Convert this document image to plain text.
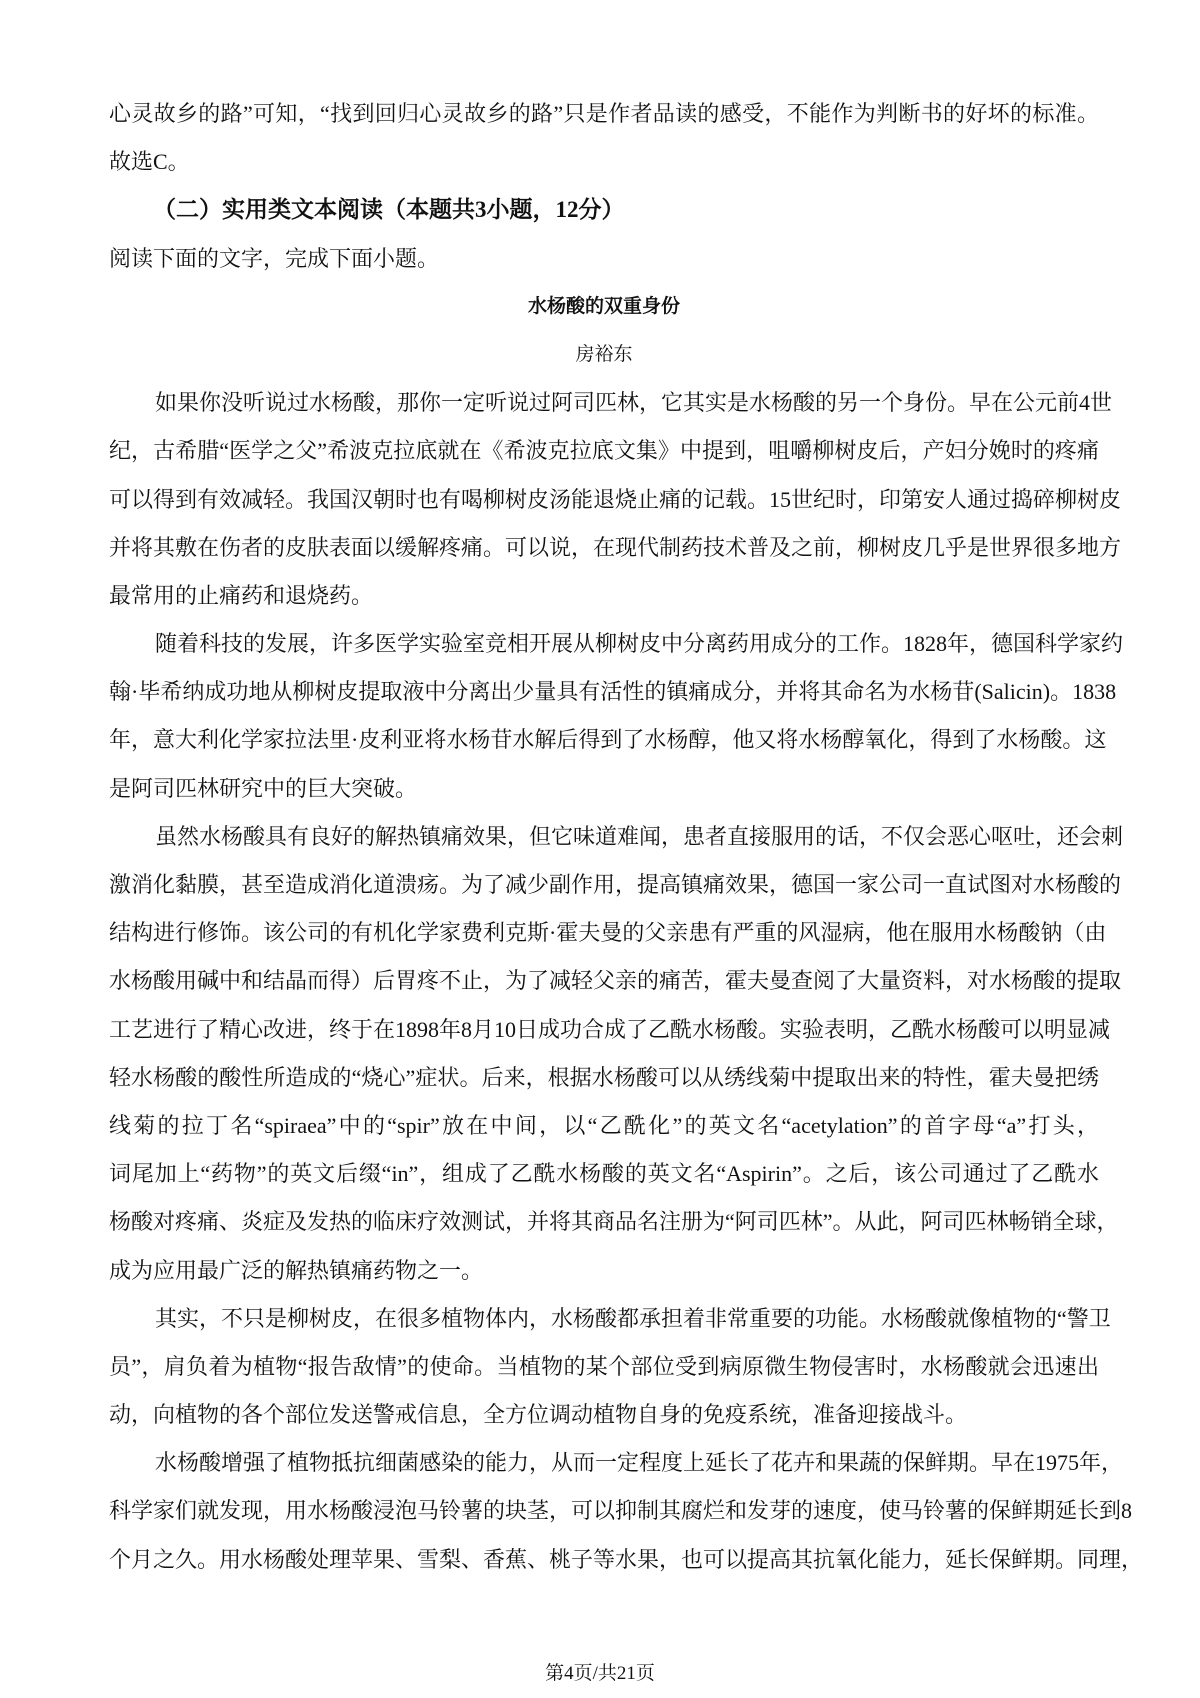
心灵故乡的路”可知，“找到回归心灵故乡的路”只是作者品读的感受，不能作为判断书的好坏的标准。
故选C。
（二）实用类文本阅读（本题共3小题，12分）
阅读下面的文字，完成下面小题。
水杨酸的双重身份
房裕东
如果你没听说过水杨酸，那你一定听说过阿司匹林，它其实是水杨酸的另一个身份。早在公元前4世
纪，古希腊“医学之父”希波克拉底就在《希波克拉底文集》中提到，咀嚼柳树皮后，产妇分娩时的疼痛
可以得到有效减轻。我国汉朝时也有喝柳树皮汤能退烧止痛的记载。15世纪时，印第安人通过捣碎柳树皮
并将其敷在伤者的皮肤表面以缓解疼痛。可以说，在现代制药技术普及之前，柳树皮几乎是世界很多地方
最常用的止痛药和退烧药。
随着科技的发展，许多医学实验室竞相开展从柳树皮中分离药用成分的工作。1828年，德国科学家约
翰·毕希纳成功地从柳树皮提取液中分离出少量具有活性的镇痛成分，并将其命名为水杨苷(Salicin)。1838
年，意大利化学家拉法里·皮利亚将水杨苷水解后得到了水杨醇，他又将水杨醇氧化，得到了水杨酸。这
是阿司匹林研究中的巨大突破。
虽然水杨酸具有良好的解热镇痛效果，但它味道难闻，患者直接服用的话，不仅会恶心呕吐，还会刺
激消化黏膜，甚至造成消化道溃疡。为了减少副作用，提高镇痛效果，德国一家公司一直试图对水杨酸的
结构进行修饰。该公司的有机化学家费利克斯·霍夫曼的父亲患有严重的风湿病，他在服用水杨酸钠（由
水杨酸用碱中和结晶而得）后胃疼不止，为了减轻父亲的痛苦，霍夫曼查阅了大量资料，对水杨酸的提取
工艺进行了精心改进，终于在1898年8月10日成功合成了乙酰水杨酸。实验表明，乙酰水杨酸可以明显减
轻水杨酸的酸性所造成的“烧心”症状。后来，根据水杨酸可以从绣线菊中提取出来的特性，霍夫曼把绣
线菊的拉丁名“spiraea”中的“spir”放在中间，以“乙酰化”的英文名“acetylation”的首字母“a”打头，
词尾加上“药物”的英文后缀“in”，组成了乙酰水杨酸的英文名“Aspirin”。之后，该公司通过了乙酰水
杨酸对疼痛、炎症及发热的临床疗效测试，并将其商品名注册为“阿司匹林”。从此，阿司匹林畅销全球，
成为应用最广泛的解热镇痛药物之一。
其实，不只是柳树皮，在很多植物体内，水杨酸都承担着非常重要的功能。水杨酸就像植物的“警卫
员”，肩负着为植物“报告敌情”的使命。当植物的某个部位受到病原微生物侵害时，水杨酸就会迅速出
动，向植物的各个部位发送警戒信息，全方位调动植物自身的免疫系统，准备迎接战斗。
水杨酸增强了植物抵抗细菌感染的能力，从而一定程度上延长了花卉和果蔬的保鲜期。早在1975年，
科学家们就发现，用水杨酸浸泡马铃薯的块茎，可以抑制其腐烂和发芽的速度，使马铃薯的保鲜期延长到8
个月之久。用水杨酸处理苹果、雪梨、香蕉、桃子等水果，也可以提高其抗氧化能力，延长保鲜期。同理，
第4页/共21页
